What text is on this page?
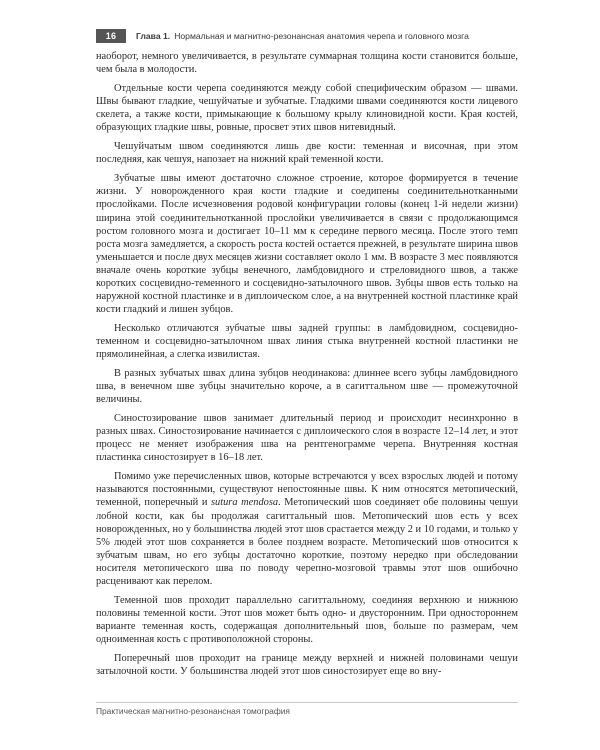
16	Глава 1. Нормальная и магнитно-резонансная анатомия черепа и головного мозга

наоборот, немного увеличивается, в результате суммарная толщина кости становится больше, чем была в молодости.

Отдельные кости черепа соединяются между собой специфическим образом — швами. Швы бывают гладкие, чешуйчатые и зубчатые. Гладкими швами соединяются кости лицевого скелета, а также кости, примыкающие к большому крылу клиновидной кости. Края костей, образующих гладкие швы, ровные, просвет этих швов нитевидный.

Чешуйчатым швом соединяются лишь две кости: теменная и височная, при этом последняя, как чешуя, напозает на нижний край теменной кости.

Зубчатые швы имеют достаточно сложное строение, которое формируется в течение жизни. У новорожденного края кости гладкие и соедипены соединительнотканными прослойками. После исчезновения родовой конфигурации головы (конец 1-й недели жизни) ширина этой соединительнотканной прослойки увеличивается в связи с продолжающимся ростом головного мозга и достигает 10–11 мм к середине первого месяца. После этого темп роста мозга замедляется, а скорость роста костей остается прежней, в результате ширина швов уменьшается и после двух месяцев жизни составляет около 1 мм. В возрасте 3 мес появляются вначале очень короткие зубцы венечного, ламбдовидного и стреловидного швов, а также коротких сосцевидно-теменного и сосцевидно-затылочного швов. Зубцы швов есть только на наружной костной пластинке и в диплоическом слое, а на внутренней костной пластинке край кости гладкий и лишен зубцов.

Несколько отличаются зубчатые швы задней группы: в ламбдовидном, сосцевидно-теменном и сосцевидно-затылочном швах линия стыка внутренней костной пластинки не прямолинейная, а слегка извилистая.

В разных зубчатых швах длина зубцов неодинакова: длиннее всего зубцы ламбдовидного шва, в венечном шве зубцы значительно короче, а в сагиттальном шве — промежуточной величины.

Синостозирование швов занимает длительный период и происходит несинхронно в разных швах. Синостозирование начинается с диплоического слоя в возрасте 12–14 лет, и этот процесс не меняет изображения шва на рентгенограмме черепа. Внутренняя костная пластинка синостозирует в 16–18 лет.

Помимо уже перечисленных швов, которые встречаются у всех взрослых людей и потому называются постоянными, существуют непостоянные швы. К ним относятся метопический, теменной, поперечный и sutura mendosa. Метопический шов соединяет обе половины чешуи лобной кости, как бы продолжая сагиттальный шов. Метопический шов есть у всех новорожденных, но у большинства людей этот шов срастается между 2 и 10 годами, и только у 5% людей этот шов сохраняется в более позднем возрасте. Метопический шов относится к зубчатым швам, но его зубцы достаточно короткие, поэтому нередко при обследовании носителя метопического шва по поводу черепно-мозговой травмы этот шов ошибочно расценивают как перелом.

Теменной шов проходит параллельно сагиттальному, соединяя верхнюю и нижнюю половины теменной кости. Этот шов может быть одно- и двусторонним. При одностороннем варианте теменная кость, содержащая дополнительный шов, больше по размерам, чем одноименная кость с противоположной стороны.

Поперечный шов проходит на границе между верхней и нижней половинами чешуи затылочной кости. У большинства людей этот шов синостозирует еще во вну-

Практическая магнитно-резонансная томография
